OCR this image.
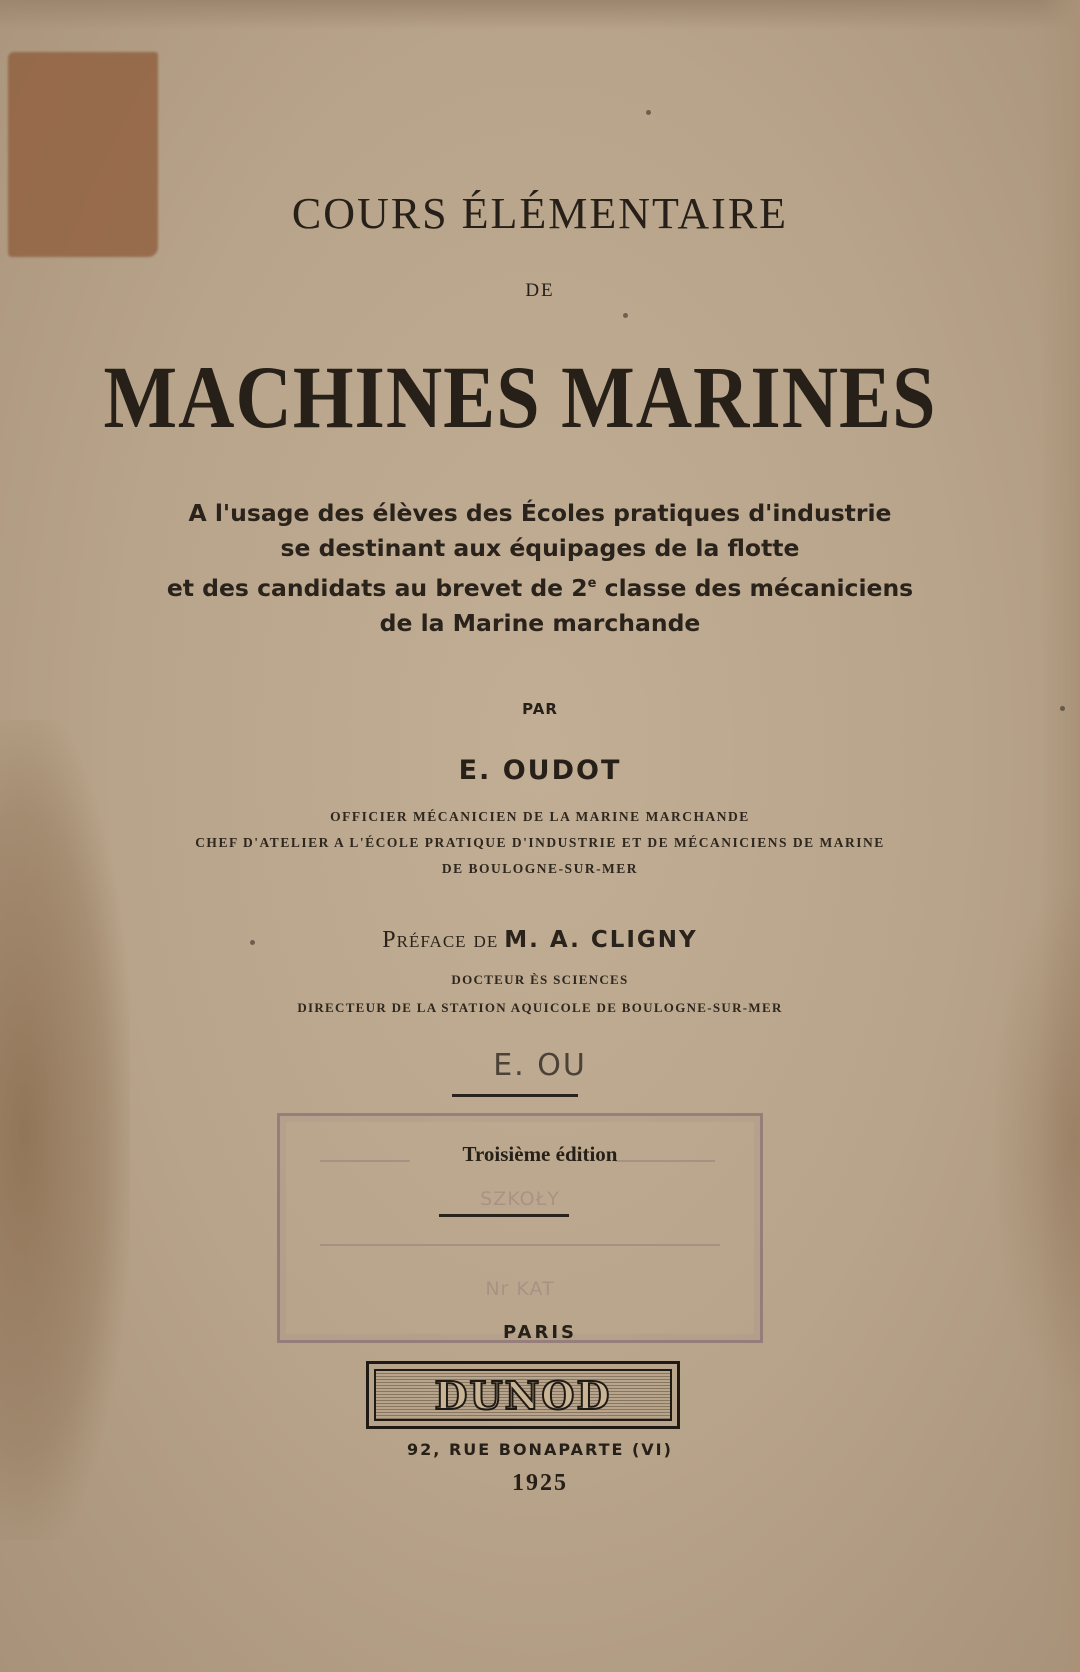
COURS ÉLÉMENTAIRE
DE
MACHINES MARINES
A l'usage des élèves des Écoles pratiques d'industrie
se destinant aux équipages de la flotte
et des candidats au brevet de 2e classe des mécaniciens
de la Marine marchande
PAR
E. OUDOT
OFFICIER MÉCANICIEN DE LA MARINE MARCHANDE
CHEF D'ATELIER A L'ÉCOLE PRATIQUE D'INDUSTRIE ET DE MÉCANICIENS DE MARINE
DE BOULOGNE-SUR-MER
Préface de M. A. CLIGNY
DOCTEUR ÈS SCIENCES
DIRECTEUR DE LA STATION AQUICOLE DE BOULOGNE-SUR-MER
E. OU
SZKOŁY
Nr KAT
Troisième édition
PARIS
DUNOD
92, RUE BONAPARTE (VI)
1925
